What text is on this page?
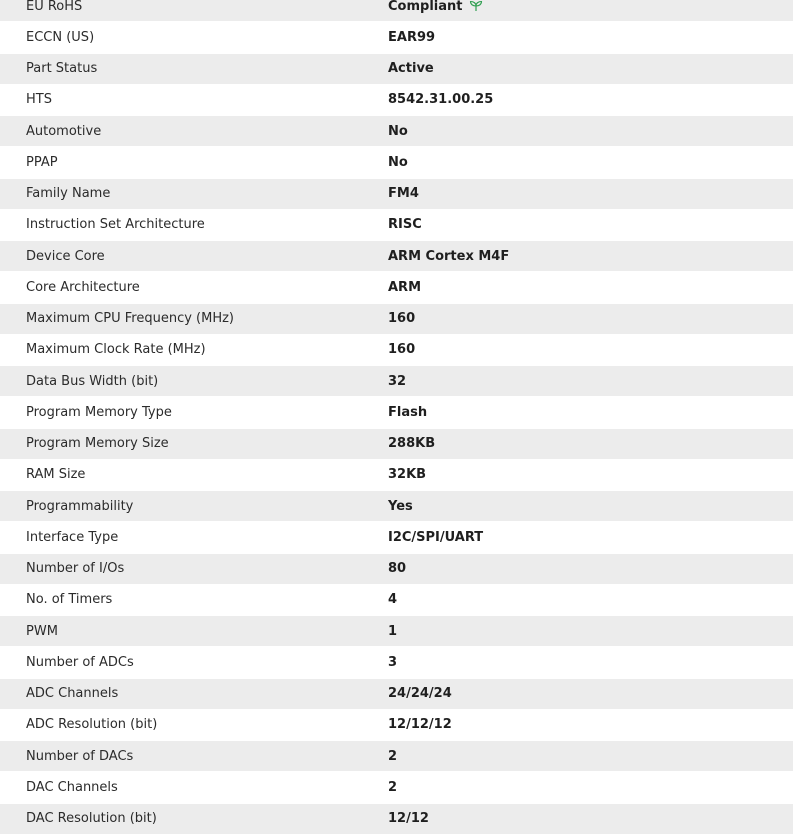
EU RoHS	Compliant
ECCN (US)	EAR99
Part Status	Active
HTS	8542.31.00.25
Automotive	No
PPAP	No
Family Name	FM4
Instruction Set Architecture	RISC
Device Core	ARM Cortex M4F
Core Architecture	ARM
Maximum CPU Frequency (MHz)	160
Maximum Clock Rate (MHz)	160
Data Bus Width (bit)	32
Program Memory Type	Flash
Program Memory Size	288KB
RAM Size	32KB
Programmability	Yes
Interface Type	I2C/SPI/UART
Number of I/Os	80
No. of Timers	4
PWM	1
Number of ADCs	3
ADC Channels	24/24/24
ADC Resolution (bit)	12/12/12
Number of DACs	2
DAC Channels	2
DAC Resolution (bit)	12/12
